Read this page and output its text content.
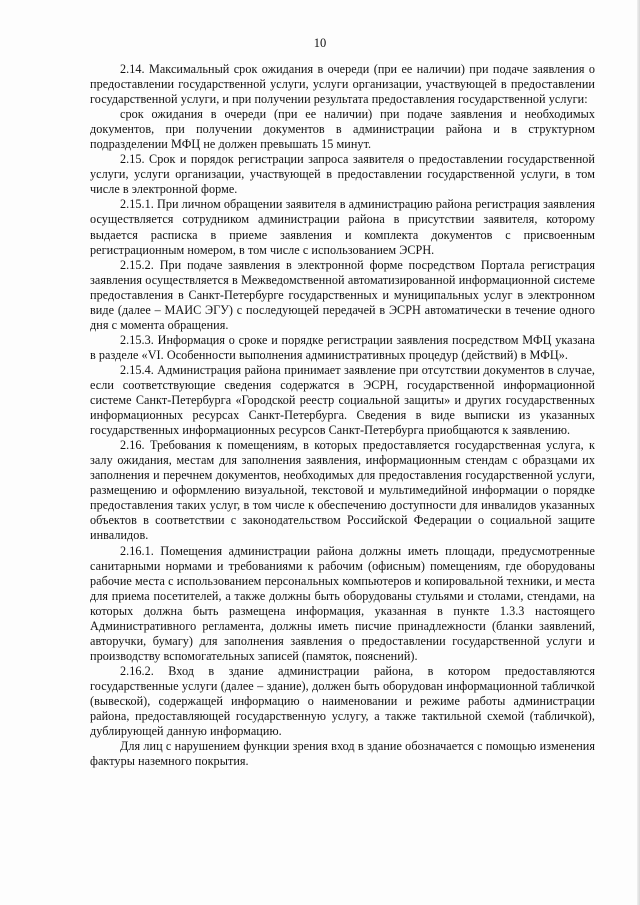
10

2.14. Максимальный срок ожидания в очереди (при ее наличии) при подаче заявления о предоставлении государственной услуги, услуги организации, участвующей в предоставлении государственной услуги, и при получении результата предоставления государственной услуги:

срок ожидания в очереди (при ее наличии) при подаче заявления и необходимых документов, при получении документов в администрации района и в структурном подразделении МФЦ не должен превышать 15 минут.

2.15. Срок и порядок регистрации запроса заявителя о предоставлении государственной услуги, услуги организации, участвующей в предоставлении государственной услуги, в том числе в электронной форме.

2.15.1. При личном обращении заявителя в администрацию района регистрация заявления осуществляется сотрудником администрации района в присутствии заявителя, которому выдается расписка в приеме заявления и комплекта документов с присвоенным регистрационным номером, в том числе с использованием ЭСРН.

2.15.2. При подаче заявления в электронной форме посредством Портала регистрация заявления осуществляется в Межведомственной автоматизированной информационной системе предоставления в Санкт-Петербурге государственных и муниципальных услуг в электронном виде (далее – МАИС ЭГУ) с последующей передачей в ЭСРН автоматически в течение одного дня с момента обращения.

2.15.3. Информация о сроке и порядке регистрации заявления посредством МФЦ указана в разделе «VI. Особенности выполнения административных процедур (действий) в МФЦ».

2.15.4. Администрация района принимает заявление при отсутствии документов в случае, если соответствующие сведения содержатся в ЭСРН, государственной информационной системе Санкт-Петербурга «Городской реестр социальной защиты» и других государственных информационных ресурсах Санкт-Петербурга. Сведения в виде выписки из указанных государственных информационных ресурсов Санкт-Петербурга приобщаются к заявлению.

2.16. Требования к помещениям, в которых предоставляется государственная услуга, к залу ожидания, местам для заполнения заявления, информационным стендам с образцами их заполнения и перечнем документов, необходимых для предоставления государственной услуги, размещению и оформлению визуальной, текстовой и мультимедийной информации о порядке предоставления таких услуг, в том числе к обеспечению доступности для инвалидов указанных объектов в соответствии с законодательством Российской Федерации о социальной защите инвалидов.

2.16.1. Помещения администрации района должны иметь площади, предусмотренные санитарными нормами и требованиями к рабочим (офисным) помещениям, где оборудованы рабочие места с использованием персональных компьютеров и копировальной техники, и места для приема посетителей, а также должны быть оборудованы стульями и столами, стендами, на которых должна быть размещена информация, указанная в пункте 1.3.3 настоящего Административного регламента, должны иметь писчие принадлежности (бланки заявлений, авторучки, бумагу) для заполнения заявления о предоставлении государственной услуги и производству вспомогательных записей (памяток, пояснений).

2.16.2. Вход в здание администрации района, в котором предоставляются государственные услуги (далее – здание), должен быть оборудован информационной табличкой (вывеской), содержащей информацию о наименовании и режиме работы администрации района, предоставляющей государственную услугу, а также тактильной схемой (табличкой), дублирующей данную информацию.

Для лиц с нарушением функции зрения вход в здание обозначается с помощью изменения фактуры наземного покрытия.
